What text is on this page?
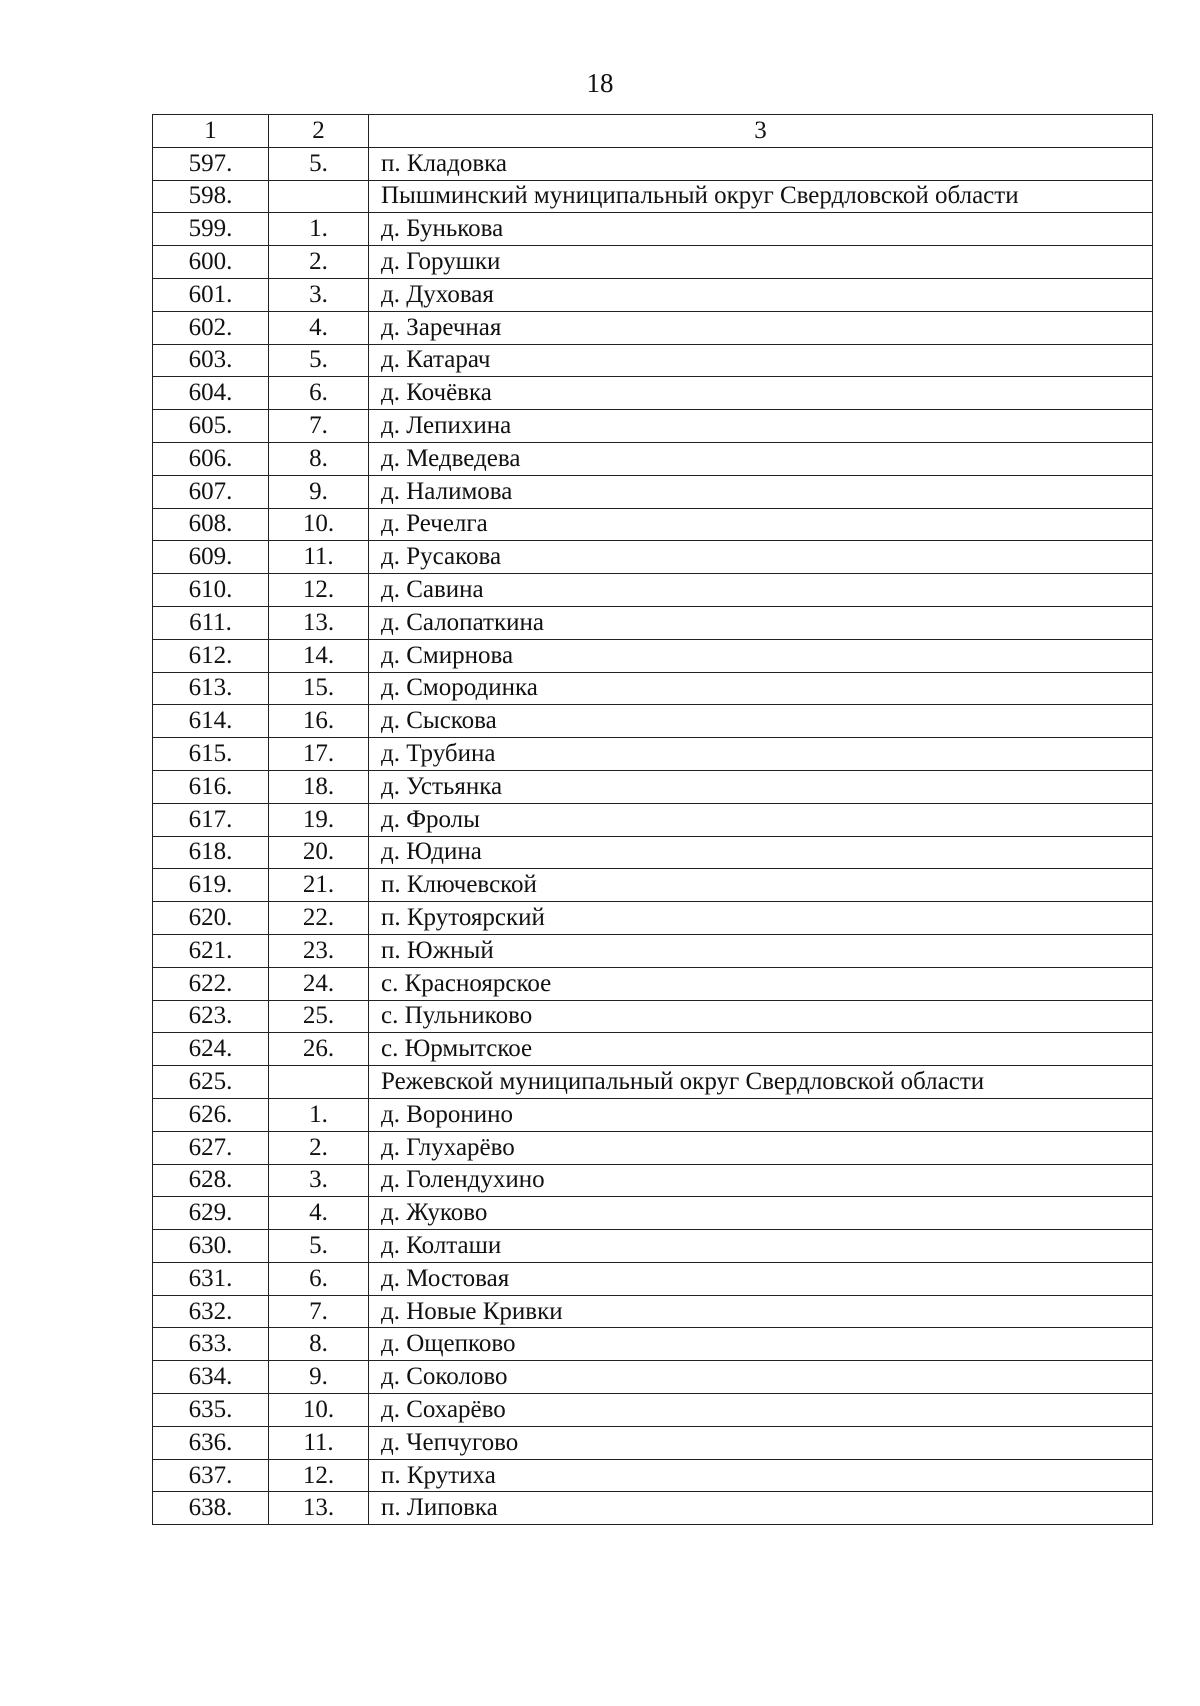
18
1	2	3
597.	5.	п. Кладовка
598.		Пышминский муниципальный округ Свердловской области
599.	1.	д. Бунькова
600.	2.	д. Горушки
601.	3.	д. Духовая
602.	4.	д. Заречная
603.	5.	д. Катарач
604.	6.	д. Кочёвка
605.	7.	д. Лепихина
606.	8.	д. Медведева
607.	9.	д. Налимова
608.	10.	д. Речелга
609.	11.	д. Русакова
610.	12.	д. Савина
611.	13.	д. Салопаткина
612.	14.	д. Смирнова
613.	15.	д. Смородинка
614.	16.	д. Сыскова
615.	17.	д. Трубина
616.	18.	д. Устьянка
617.	19.	д. Фролы
618.	20.	д. Юдина
619.	21.	п. Ключевской
620.	22.	п. Крутоярский
621.	23.	п. Южный
622.	24.	с. Красноярское
623.	25.	с. Пульниково
624.	26.	с. Юрмытское
625.		Режевской муниципальный округ Свердловской области
626.	1.	д. Воронино
627.	2.	д. Глухарёво
628.	3.	д. Голендухино
629.	4.	д. Жуково
630.	5.	д. Колташи
631.	6.	д. Мостовая
632.	7.	д. Новые Кривки
633.	8.	д. Ощепково
634.	9.	д. Соколово
635.	10.	д. Сохарёво
636.	11.	д. Чепчугово
637.	12.	п. Крутиха
638.	13.	п. Липовка
